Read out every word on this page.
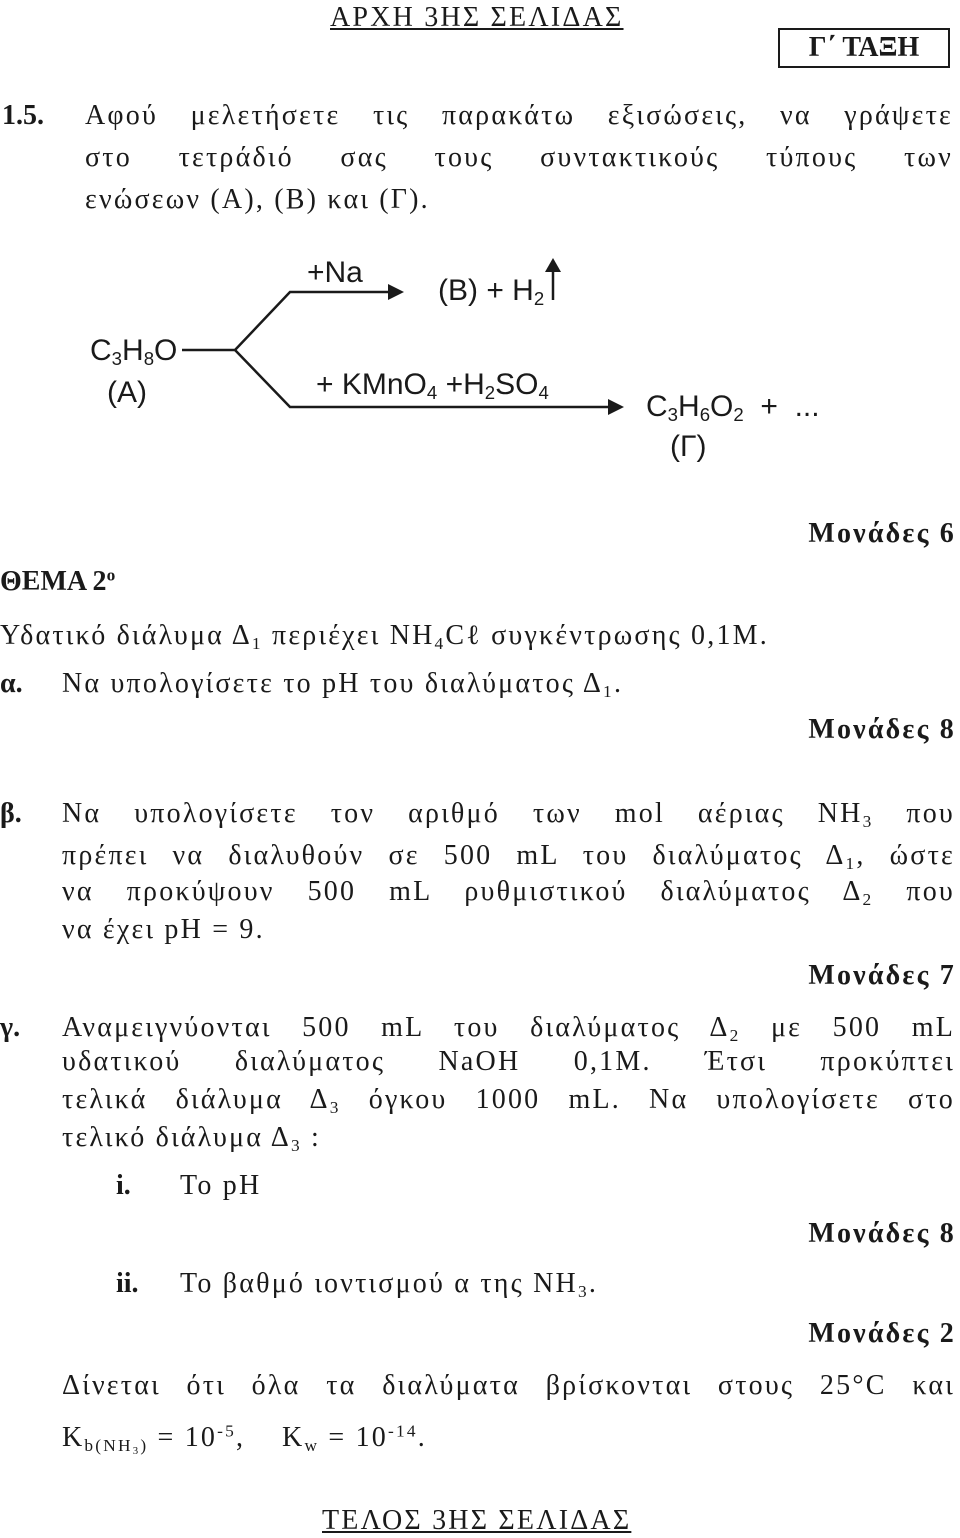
ΑΡΧΗ 3ΗΣ ΣΕΛΙΔΑΣ
Γ΄ ΤΑΞΗ
1.5. Αφού μελετήσετε τις παρακάτω εξισώσεις, να γράψετε
στο τετράδιό σας τους συντακτικούς τύπους των
ενώσεων (Α), (Β) και (Γ).
+Na
$(B) + H_2$
$C_3H_8O$
(A)	+ KMnO$_4$ $+H_2SO_4$	$C_3H_6O_2$ + ...
(Γ)
Μονάδες 6
ΘΕΜΑ $2^o$
Υδατικό διάλυμα $\Delta_1$ περιέχει $NH_4C\ell$ συγκέντρωσης 0,1M.
α. Να υπολογίσετε το pH του διαλύματος $\Delta_1$.
Μονάδες 8
β. Να υπολογίσετε τον αριθμό των mol αέριας $NH_3$ που
πρέπει να διαλυθούν σε 500 mL του διαλύματος $\Delta_1$, ώστε
να προκύψουν 500 mL ρυθμιστικού διαλύματος $\Delta_2$ που
να έχει pH = 9.
Μονάδες 7
γ. Αναμειγνύονται 500 mL του διαλύματος $\Delta_2$ με 500 mL
υδατικού διαλύματος NaOH 0,1M. Έτσι προκύπτει
τελικά διάλυμα $\Delta_3$ όγκου 1000 mL. Να υπολογίσετε στο
τελικό διάλυμα $\Delta_3$ :
i. To pH
Μονάδες 8
ii. Το βαθμό ιοντισμού α της $NH_3$.
Μονάδες 2
Δίνεται ότι όλα τα διαλύματα βρίσκονται στους 25°C και
$K_{b(NH_3)} = 10^{-5}$, $K_w = 10^{-14}$.
ΤΕΛΟΣ 3ΗΣ ΣΕΛΙΔΑΣ
